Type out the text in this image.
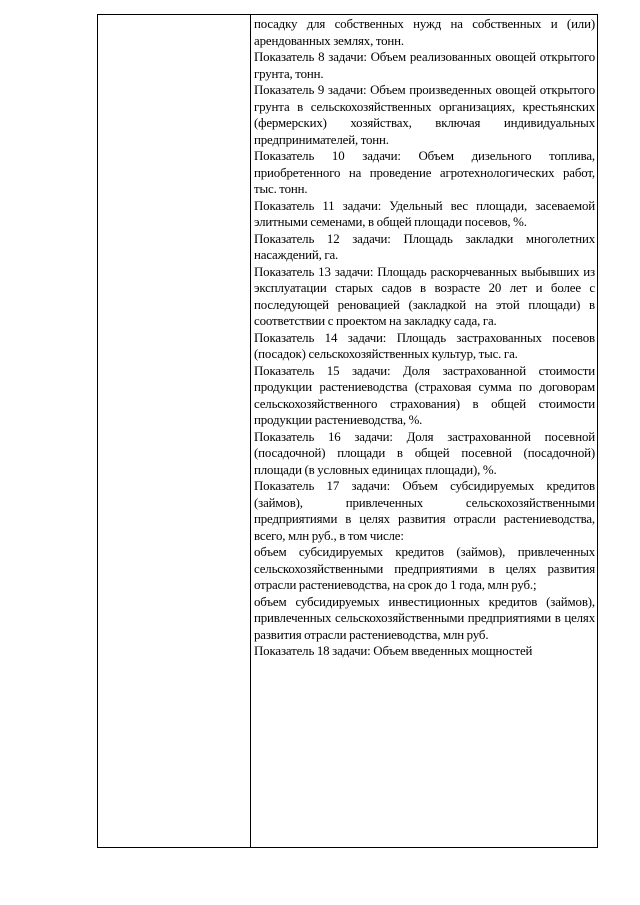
посадку для собственных нужд на собственных и (или) арендованных землях, тонн.

Показатель 8 задачи: Объем реализованных овощей открытого грунта, тонн.

Показатель 9 задачи: Объем произведенных овощей открытого грунта в сельскохозяйственных организациях, крестьянских (фермерских) хозяйствах, включая индивидуальных предпринимателей, тонн.

Показатель 10 задачи: Объем дизельного топлива, приобретенного на проведение агротехнологических работ, тыс. тонн.

Показатель 11 задачи: Удельный вес площади, засеваемой элитными семенами, в общей площади посевов, %.

Показатель 12 задачи: Площадь закладки многолетних насаждений, га.

Показатель 13 задачи: Площадь раскорчеванных выбывших из эксплуатации старых садов в возрасте 20 лет и более с последующей реновацией (закладкой на этой площади) в соответствии с проектом на закладку сада, га.

Показатель 14 задачи: Площадь застрахованных посевов (посадок) сельскохозяйственных культур, тыс. га.

Показатель 15 задачи: Доля застрахованной стоимости продукции растениеводства (страховая сумма по договорам сельскохозяйственного страхования) в общей стоимости продукции растениеводства, %.

Показатель 16 задачи: Доля застрахованной посевной (посадочной) площади в общей посевной (посадочной) площади (в условных единицах площади), %.

Показатель 17 задачи: Объем субсидируемых кредитов (займов), привлеченных сельскохозяйственными предприятиями в целях развития отрасли растениеводства, всего, млн руб., в том числе:

объем субсидируемых кредитов (займов), привлеченных сельскохозяйственными предприятиями в целях развития отрасли растениеводства, на срок до 1 года, млн руб.;

объем субсидируемых инвестиционных кредитов (займов), привлеченных сельскохозяйственными предприятиями в целях развития отрасли растениеводства, млн руб.

Показатель 18 задачи: Объем введенных мощностей
